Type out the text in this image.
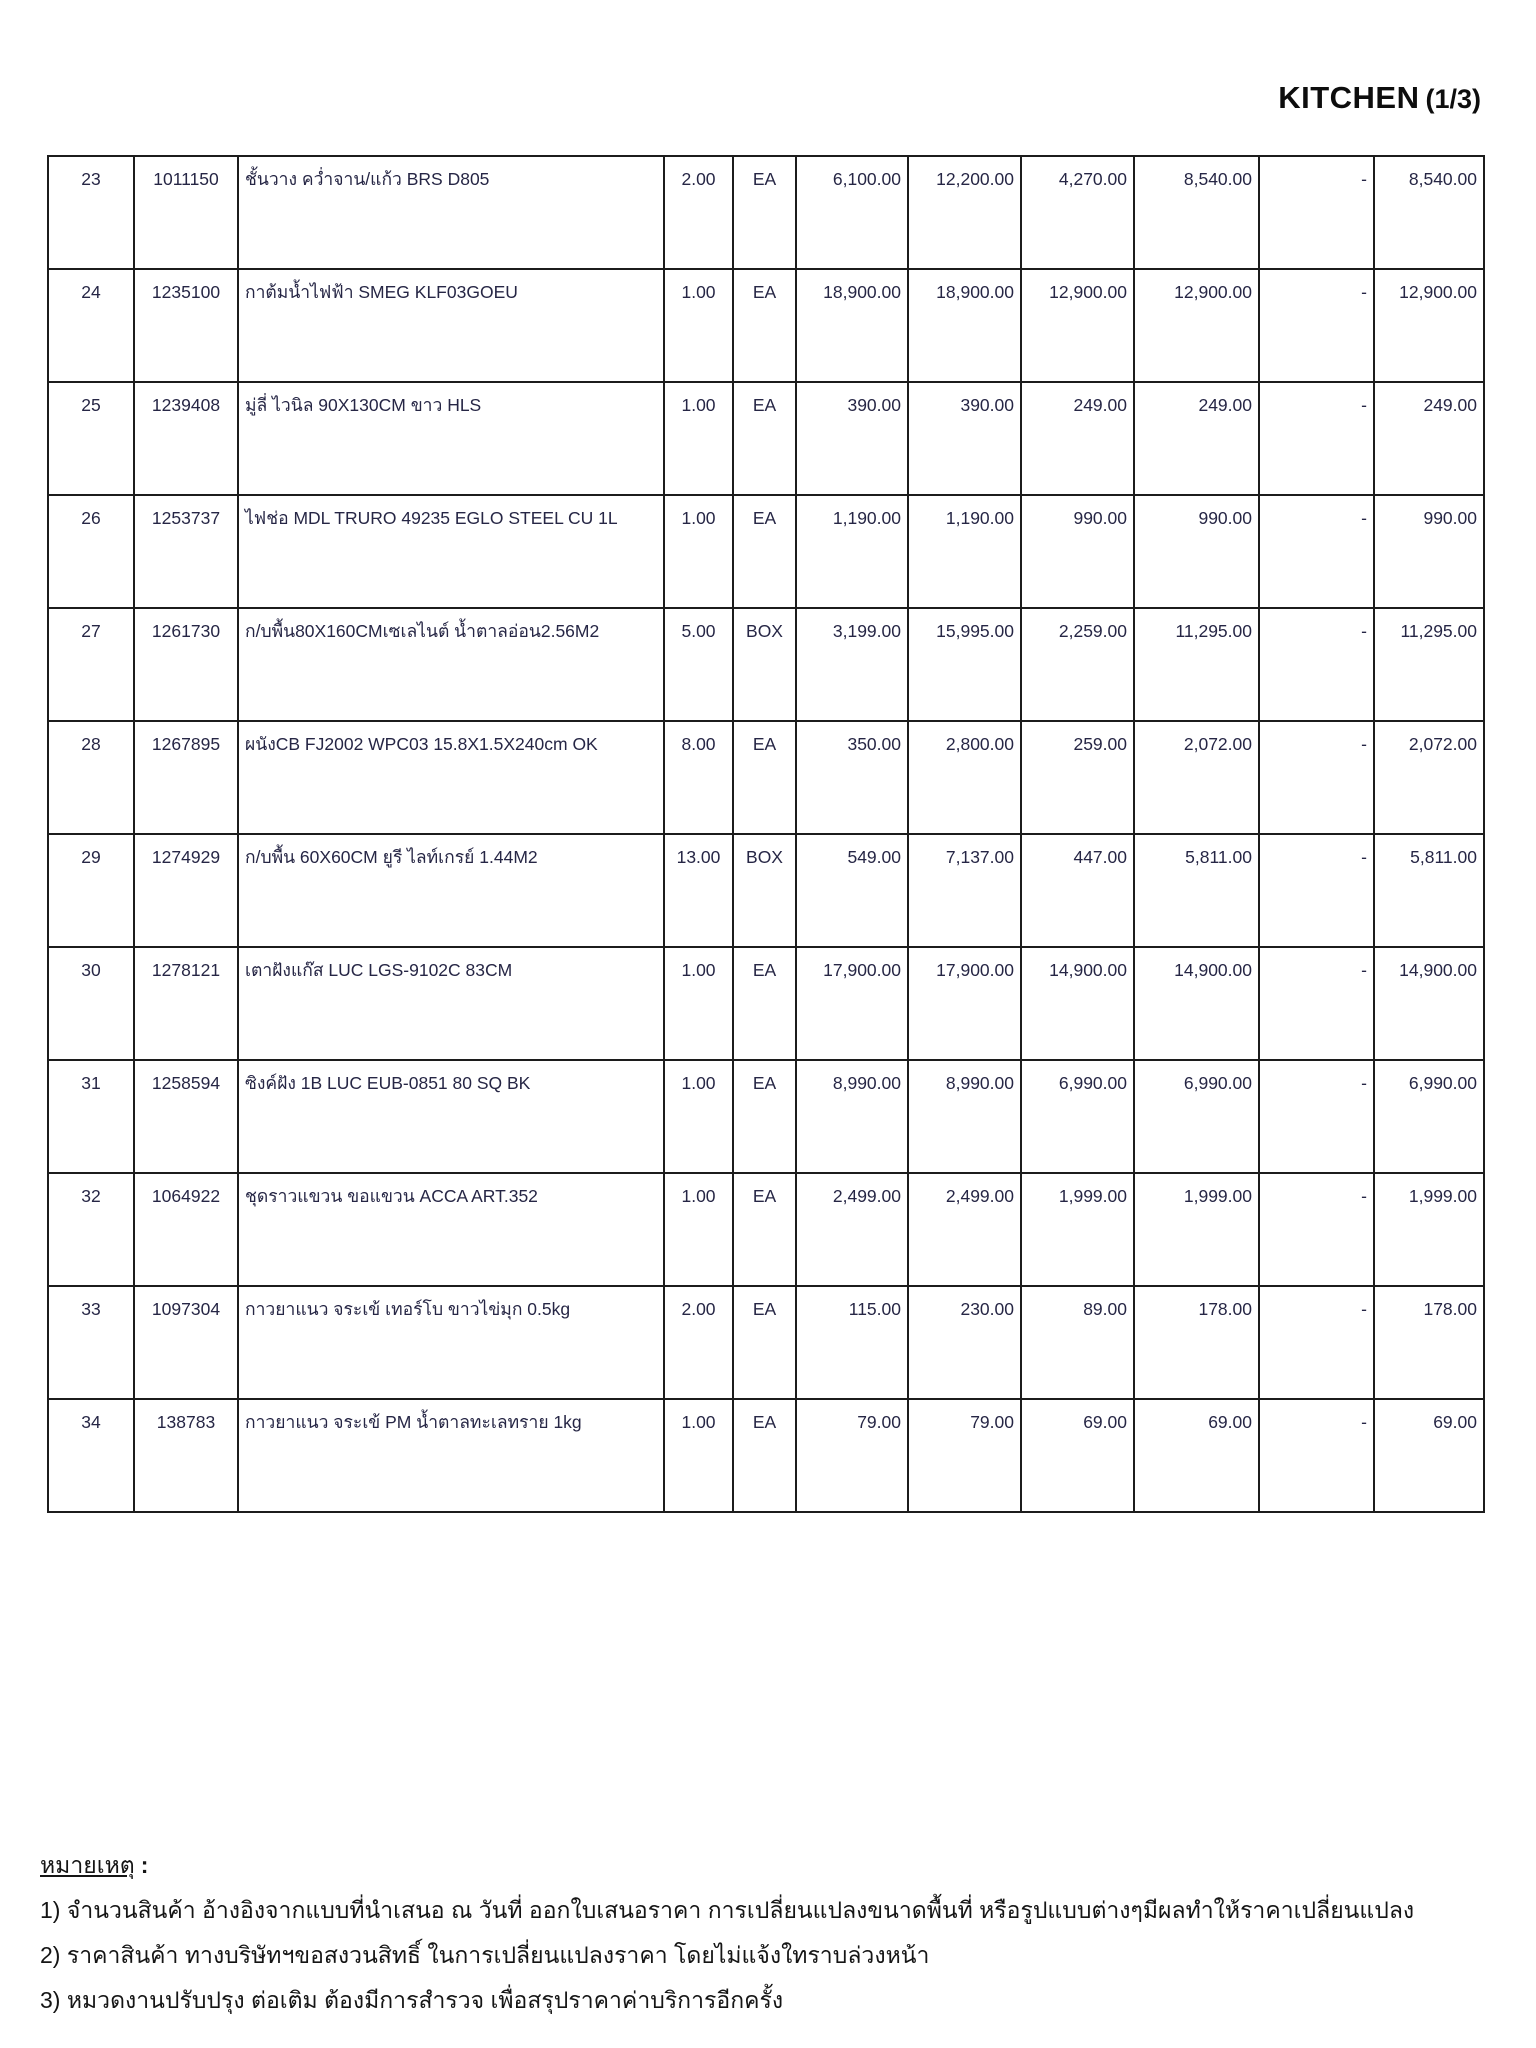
KITCHEN (1/3)
23	1011150	ชั้นวาง คว่ำจาน/แก้ว BRS D805	2.00	EA	6,100.00	12,200.00	4,270.00	8,540.00	-	8,540.00
24	1235100	กาต้มน้ำไฟฟ้า SMEG KLF03GOEU	1.00	EA	18,900.00	18,900.00	12,900.00	12,900.00	-	12,900.00
25	1239408	มู่ลี่ ไวนิล 90X130CM ขาว HLS	1.00	EA	390.00	390.00	249.00	249.00	-	249.00
26	1253737	ไฟช่อ MDL TRURO 49235 EGLO STEEL CU 1L	1.00	EA	1,190.00	1,190.00	990.00	990.00	-	990.00
27	1261730	ก/บพื้น80X160CMเซเลไนต์ น้ำตาลอ่อน2.56M2	5.00	BOX	3,199.00	15,995.00	2,259.00	11,295.00	-	11,295.00
28	1267895	ผนังCB FJ2002 WPC03 15.8X1.5X240cm OK	8.00	EA	350.00	2,800.00	259.00	2,072.00	-	2,072.00
29	1274929	ก/บพื้น 60X60CM ยูรี ไลท์เกรย์ 1.44M2	13.00	BOX	549.00	7,137.00	447.00	5,811.00	-	5,811.00
30	1278121	เตาฝังแก๊ส LUC LGS-9102C 83CM	1.00	EA	17,900.00	17,900.00	14,900.00	14,900.00	-	14,900.00
31	1258594	ซิงค์ฝัง 1B LUC EUB-0851 80 SQ BK	1.00	EA	8,990.00	8,990.00	6,990.00	6,990.00	-	6,990.00
32	1064922	ชุดราวแขวน ขอแขวน ACCA ART.352	1.00	EA	2,499.00	2,499.00	1,999.00	1,999.00	-	1,999.00
33	1097304	กาวยาแนว จระเข้ เทอร์โบ ขาวไข่มุก 0.5kg	2.00	EA	115.00	230.00	89.00	178.00	-	178.00
34	138783	กาวยาแนว จระเข้ PM น้ำตาลทะเลทราย 1kg	1.00	EA	79.00	79.00	69.00	69.00	-	69.00
หมายเหตุ :
1) จำนวนสินค้า อ้างอิงจากแบบที่นำเสนอ ณ วันที่ ออกใบเสนอราคา การเปลี่ยนแปลงขนาดพื้นที่ หรือรูปแบบต่างๆมีผลทำให้ราคาเปลี่ยนแปลง
2) ราคาสินค้า ทางบริษัทฯขอสงวนสิทธิ์ ในการเปลี่ยนแปลงราคา โดยไม่แจ้งใทราบล่วงหน้า
3) หมวดงานปรับปรุง ต่อเติม ต้องมีการสำรวจ เพื่อสรุปราคาค่าบริการอีกครั้ง
